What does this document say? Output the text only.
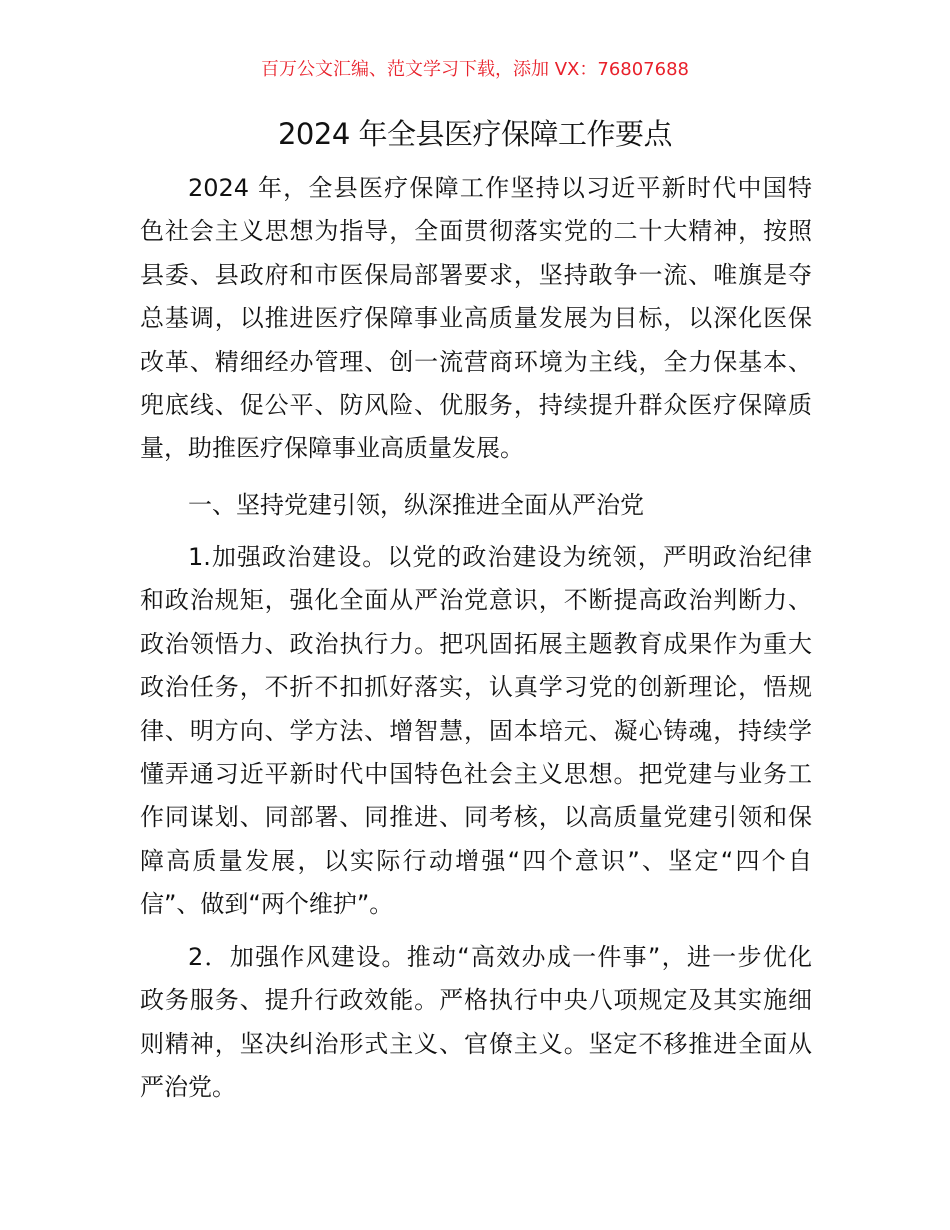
百万公文汇编、范文学习下载，添加 VX：76807688
2024 年全县医疗保障工作要点
2024 年，全县医疗保障工作坚持以习近平新时代中国特
色社会主义思想为指导，全面贯彻落实党的二十大精神，按照
县委、县政府和市医保局部署要求，坚持敢争一流、唯旗是夺
总基调，以推进医疗保障事业高质量发展为目标，以深化医保
改革、精细经办管理、创一流营商环境为主线，全力保基本、
兜底线、促公平、防风险、优服务，持续提升群众医疗保障质
量，助推医疗保障事业高质量发展。
一、坚持党建引领，纵深推进全面从严治党
1.加强政治建设。以党的政治建设为统领，严明政治纪律
和政治规矩，强化全面从严治党意识，不断提高政治判断力、
政治领悟力、政治执行力。把巩固拓展主题教育成果作为重大
政治任务，不折不扣抓好落实，认真学习党的创新理论，悟规
律、明方向、学方法、增智慧，固本培元、凝心铸魂，持续学
懂弄通习近平新时代中国特色社会主义思想。把党建与业务工
作同谋划、同部署、同推进、同考核，以高质量党建引领和保
障高质量发展，以实际行动增强“四个意识”、坚定“四个自
信”、做到“两个维护”。
2．加强作风建设。推动“高效办成一件事”，进一步优化
政务服务、提升行政效能。严格执行中央八项规定及其实施细
则精神，坚决纠治形式主义、官僚主义。坚定不移推进全面从
严治党。
